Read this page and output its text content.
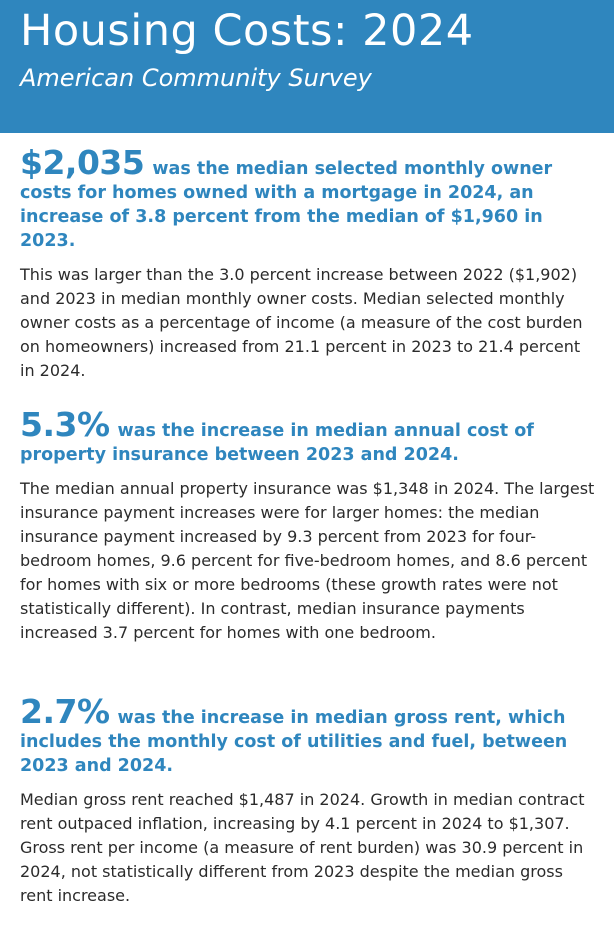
Housing Costs: 2024
American Community Survey

$2,035 was the median selected monthly owner costs for homes owned with a mortgage in 2024, an increase of 3.8 percent from the median of $1,960 in 2023.

This was larger than the 3.0 percent increase between 2022 ($1,902) and 2023 in median monthly owner costs. Median selected monthly owner costs as a percentage of income (a measure of the cost burden on homeowners) increased from 21.1 percent in 2023 to 21.4 percent in 2024.

5.3% was the increase in median annual cost of property insurance between 2023 and 2024.

The median annual property insurance was $1,348 in 2024. The largest insurance payment increases were for larger homes: the median insurance payment increased by 9.3 percent from 2023 for four-bedroom homes, 9.6 percent for five-bedroom homes, and 8.6 percent for homes with six or more bedrooms (these growth rates were not statistically different). In contrast, median insurance payments increased 3.7 percent for homes with one bedroom.

2.7% was the increase in median gross rent, which includes the monthly cost of utilities and fuel, between 2023 and 2024.

Median gross rent reached $1,487 in 2024. Growth in median contract rent outpaced inflation, increasing by 4.1 percent in 2024 to $1,307. Gross rent per income (a measure of rent burden) was 30.9 percent in 2024, not statistically different from 2023 despite the median gross rent increase.
